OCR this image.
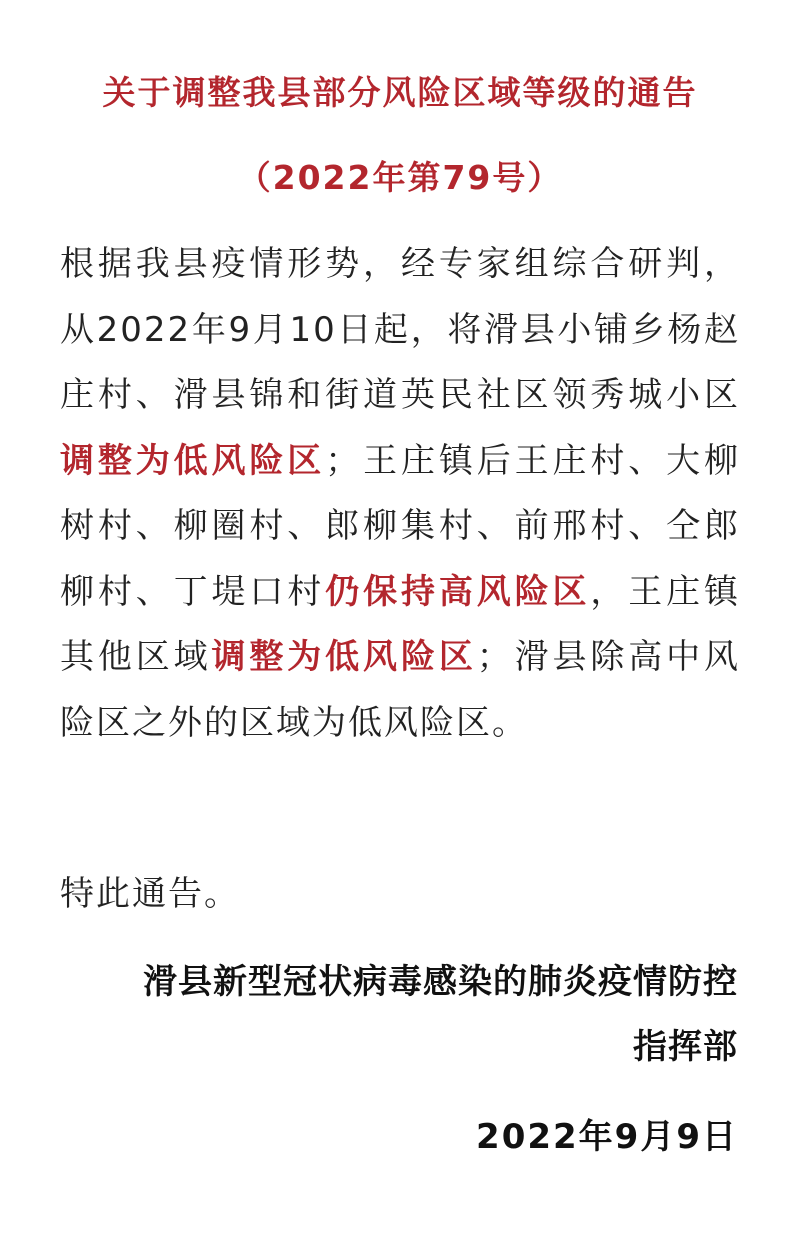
关于调整我县部分风险区域等级的通告
（2022年第79号）

根据我县疫情形势，经专家组综合研判，从2022年9月10日起，将滑县小铺乡杨赵庄村、滑县锦和街道英民社区领秀城小区调整为低风险区；王庄镇后王庄村、大柳树村、柳圈村、郎柳集村、前邢村、仝郎柳村、丁堤口村仍保持高风险区，王庄镇其他区域调整为低风险区；滑县除高中风险区之外的区域为低风险区。

特此通告。

滑县新型冠状病毒感染的肺炎疫情防控

指挥部

2022年9月9日
